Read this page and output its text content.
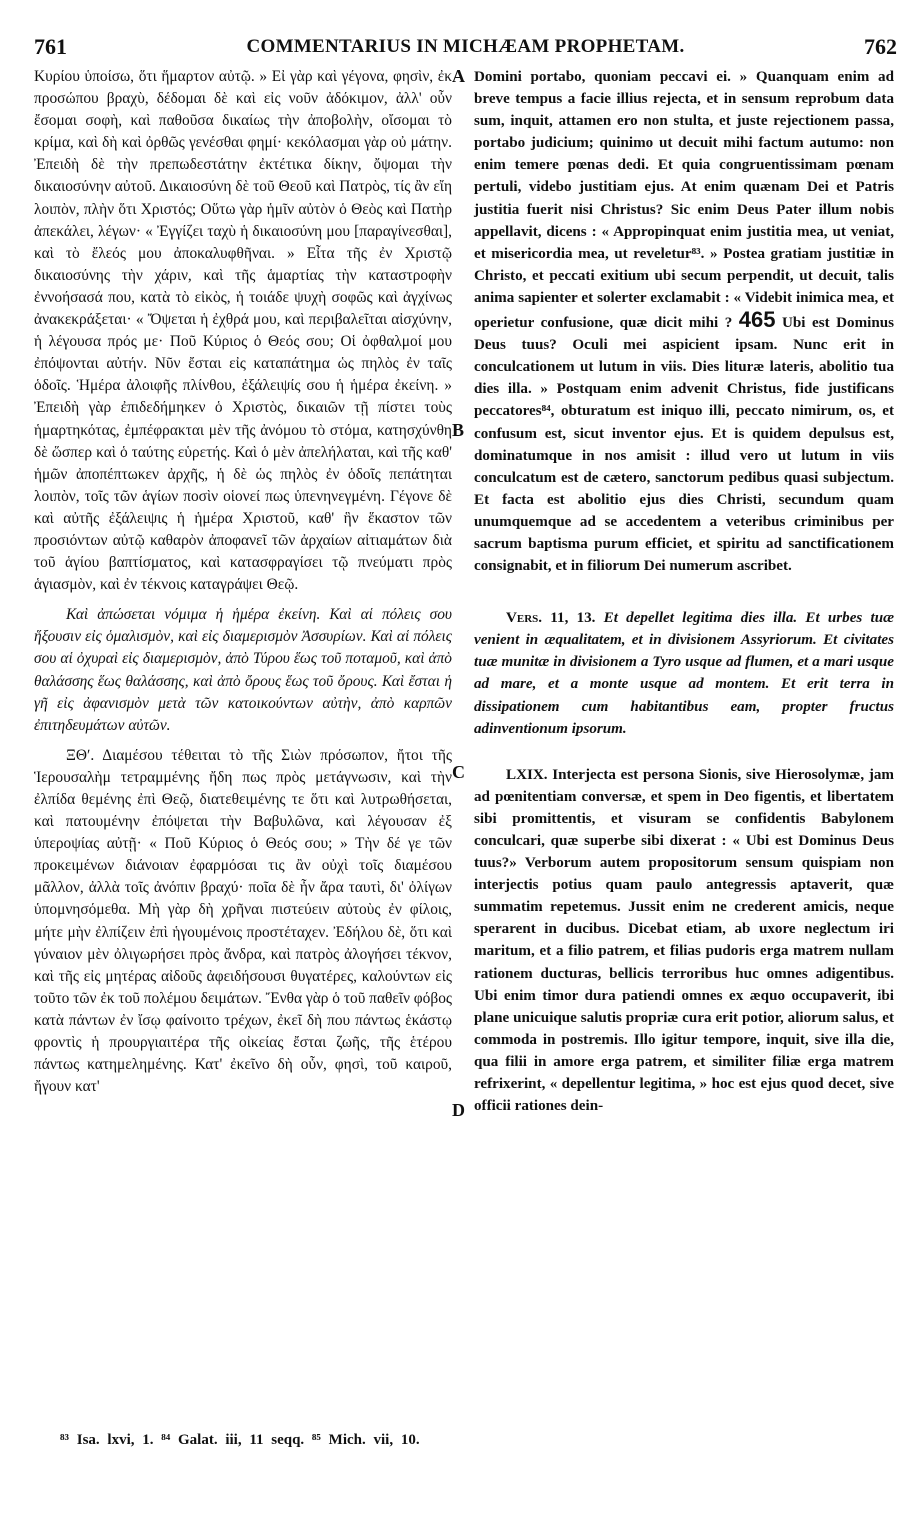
761	COMMENTARIUS IN MICHÆAM PROPHETAM.	762
A
B
C
D

Κυρίου ὑποίσω, ὅτι ἥμαρτον αὐτῷ. » Εἰ γὰρ καὶ γέγονα, φησὶν, ἐκ προσώπου βραχὺ, δέδομαι δὲ καὶ εἰς νοῦν ἀδόκιμον, ἀλλ' οὖν ἔσομαι σοφὴ, καὶ παθοῦσα δικαίως τὴν ἀποβολὴν, οἴσομαι τὸ κρίμα, καὶ δὴ καὶ ὀρθῶς γενέσθαι φημί· κεκόλασμαι γὰρ οὐ μάτην. Ἐπειδὴ δὲ τὴν πρεπωδεστάτην ἐκτέτικα δίκην, ὄψομαι τὴν δικαιοσύνην αὐτοῦ. Δικαιοσύνη δὲ τοῦ Θεοῦ καὶ Πατρὸς, τίς ἂν εἴη λοιπὸν, πλὴν ὅτι Χριστός; Οὕτω γὰρ ἡμῖν αὐτὸν ὁ Θεὸς καὶ Πατὴρ ἀπεκάλει, λέγων· « Ἐγγίζει ταχὺ ἡ δικαιοσύνη μου [παραγίνεσθαι], καὶ τὸ ἔλεός μου ἀποκαλυφθῆναι. » Εἶτα τῆς ἐν Χριστῷ δικαιοσύνης τὴν χάριν, καὶ τῆς ἁμαρτίας τὴν καταστροφὴν ἐννοήσασά που, κατὰ τὸ εἰκὸς, ἡ τοιάδε ψυχὴ σοφῶς καὶ ἀγχίνως ἀνακεκράξεται· « Ὄψεται ἡ ἐχθρά μου, καὶ περιβαλεῖται αἰσχύνην, ἡ λέγουσα πρός με· Ποῦ Κύριος ὁ Θεός σου; Οἱ ὀφθαλμοί μου ἐπόψονται αὐτήν. Νῦν ἔσται εἰς καταπάτημα ὡς πηλὸς ἐν ταῖς ὁδοῖς. Ἡμέρα ἀλοιφῆς πλίνθου, ἐξάλειψίς σου ἡ ἡμέρα ἐκείνη. » Ἐπειδὴ γὰρ ἐπιδεδήμηκεν ὁ Χριστὸς, δικαιῶν τῇ πίστει τοὺς ἡμαρτηκότας, ἐμπέφρακται μὲν τῆς ἀνόμου τὸ στόμα, κατησχύνθη δὲ ὥσπερ καὶ ὁ ταύτης εὑρετής. Καὶ ὁ μὲν ἀπελήλαται, καὶ τῆς καθ' ἡμῶν ἀποπέπτωκεν ἀρχῆς, ἡ δὲ ὡς πηλὸς ἐν ὁδοῖς πεπάτηται λοιπὸν, τοῖς τῶν ἁγίων ποσὶν οἱονεί πως ὑπενηνεγμένη. Γέγονε δὲ καὶ αὐτῆς ἐξάλειψις ἡ ἡμέρα Χριστοῦ, καθ' ἣν ἕκαστον τῶν προσιόντων αὐτῷ καθαρὸν ἀποφανεῖ τῶν ἀρχαίων αἰτιαμάτων διὰ τοῦ ἁγίου βαπτίσματος, καὶ κατασφραγίσει τῷ πνεύματι πρὸς ἁγιασμὸν, καὶ ἐν τέκνοις καταγράψει Θεῷ.

Καὶ ἀπώσεται νόμιμα ἡ ἡμέρα ἐκείνη. Καὶ αἱ πόλεις σου ἥξουσιν εἰς ὁμαλισμὸν, καὶ εἰς διαμερισμὸν Ἀσσυρίων. Καὶ αἱ πόλεις σου αἱ ὀχυραὶ εἰς διαμερισμὸν, ἀπὸ Τύρου ἕως τοῦ ποταμοῦ, καὶ ἀπὸ θαλάσσης ἕως θαλάσσης, καὶ ἀπὸ ὄρους ἕως τοῦ ὄρους. Καὶ ἔσται ἡ γῆ εἰς ἀφανισμὸν μετὰ τῶν κατοικούντων αὐτὴν, ἀπὸ καρπῶν ἐπιτηδευμάτων αὐτῶν.

ΞΘʹ. Διαμέσου τέθειται τὸ τῆς Σιὼν πρόσωπον, ἤτοι τῆς Ἱερουσαλὴμ τετραμμένης ἤδη πως πρὸς μετάγνωσιν, καὶ τὴν ἐλπίδα θεμένης ἐπὶ Θεῷ, διατεθειμένης τε ὅτι καὶ λυτρωθήσεται, καὶ πατουμένην ἐπόψεται τὴν Βαβυλῶνα, καὶ λέγουσαν ἐξ ὑπεροψίας αὐτῇ· « Ποῦ Κύριος ὁ Θεός σου; » Τὴν δέ γε τῶν προκειμένων διάνοιαν ἐφαρμόσαι τις ἂν οὐχὶ τοῖς διαμέσου μᾶλλον, ἀλλὰ τοῖς ἀνόπιν βραχύ· ποῖα δὲ ἦν ἄρα ταυτὶ, δι' ὀλίγων ὑπομνησόμεθα. Μὴ γὰρ δὴ χρῆναι πιστεύειν αὐτοὺς ἐν φίλοις, μήτε μὴν ἐλπίζειν ἐπὶ ἡγουμένοις προστέταχεν. Ἐδήλου δὲ, ὅτι καὶ γύναιον μὲν ὀλιγωρήσει πρὸς ἄνδρα, καὶ πατρὸς ἀλογήσει τέκνον, καὶ τῆς εἰς μητέρας αἰδοῦς ἀφειδήσουσι θυγατέρες, καλούντων εἰς τοῦτο τῶν ἐκ τοῦ πολέμου δειμάτων. Ἔνθα γὰρ ὁ τοῦ παθεῖν φόβος κατὰ πάντων ἐν ἴσῳ φαίνοιτο τρέχων, ἐκεῖ δὴ που πάντως ἑκάστῳ φροντὶς ἡ προυργιαιτέρα τῆς οἰκείας ἔσται ζωῆς, τῆς ἑτέρου πάντως κατημελημένης. Κατ' ἐκεῖνο δὴ οὖν, φησὶ, τοῦ καιροῦ, ἤγουν κατ'

Domini portabo, quoniam peccavi ei. » Quanquam enim ad breve tempus a facie illius rejecta, et in sensum reprobum data sum, inquit, attamen ero non stulta, et juste rejectionem passa, portabo judicium; quinimo ut decuit mihi factum autumo: non enim temere pœnas dedi. Et quia congruentissimam pœnam pertuli, videbo justitiam ejus. At enim quænam Dei et Patris justitia fuerit nisi Christus? Sic enim Deus Pater illum nobis appellavit, dicens : « Appropinquat enim justitia mea, ut veniat, et misericordia mea, ut reveletur⁸³. » Postea gratiam justitiæ in Christo, et peccati exitium ubi secum perpendit, ut decuit, talis anima sapienter et solerter exclamabit : « Videbit inimica mea, et operietur confusione, quæ dicit mihi ? 465 Ubi est Dominus Deus tuus? Oculi mei aspicient ipsam. Nunc erit in conculcationem ut lutum in viis. Dies lituræ lateris, abolitio tua dies illa. » Postquam enim advenit Christus, fide justificans peccatores⁸⁴, obturatum est iniquo illi, peccato nimirum, os, et confusum est, sicut inventor ejus. Et is quidem depulsus est, dominatumque in nos amisit : illud vero ut lutum in viis conculcatum est de cætero, sanctorum pedibus quasi subjectum. Et facta est abolitio ejus dies Christi, secundum quam unumquemque ad se accedentem a veteribus criminibus per sacrum baptisma purum efficiet, et spiritu ad sanctificationem consignabit, et in filiorum Dei numerum ascribet.

Vers. 11, 13. Et depellet legitima dies illa. Et urbes tuæ venient in æqualitatem, et in divisionem Assyriorum. Et civitates tuæ munitæ in divisionem a Tyro usque ad flumen, et a mari usque ad mare, et a monte usque ad montem. Et erit terra in dissipationem cum habitantibus eam, propter fructus adinventionum ipsorum.

LXIX. Interjecta est persona Sionis, sive Hierosolymæ, jam ad pœnitentiam conversæ, et spem in Deo figentis, et libertatem sibi promittentis, et visuram se confidentis Babylonem conculcari, quæ superbe sibi dixerat : « Ubi est Dominus Deus tuus?» Verborum autem propositorum sensum quispiam non interjectis potius quam paulo antegressis aptaverit, quæ summatim repetemus. Jussit enim ne crederent amicis, neque sperarent in ducibus. Dicebat etiam, ab uxore neglectum iri maritum, et a filio patrem, et filias pudoris erga matrem nullam rationem ducturas, bellicis terroribus huc omnes adigentibus. Ubi enim timor dura patiendi omnes ex æquo occupaverit, ibi plane unicuique salutis propriæ cura erit potior, aliorum salus, et commoda in postremis. Illo igitur tempore, inquit, sive illa die, qua filii in amore erga patrem, et similiter filiæ erga matrem refrixerint, « depellentur legitima, » hoc est ejus quod decet, sive officii rationes dein-

⁸³ Isa. lxvi, 1. ⁸⁴ Galat. iii, 11 seqq. ⁸⁵ Mich. vii, 10.
